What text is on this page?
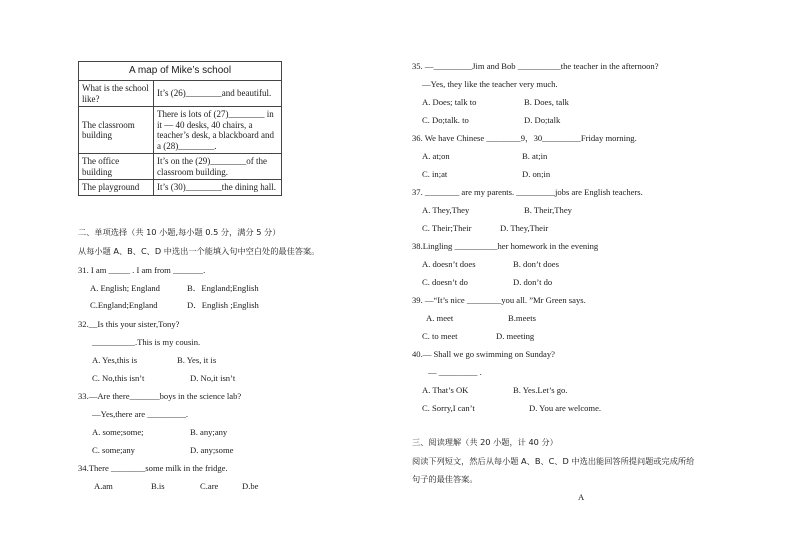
A map of Mike’s school	
What is the school like?	It’s (26)________and beautiful.
The classroom building	There is lots of (27)________ in it — 40 desks, 40 chairs, a teacher’s desk, a blackboard and a (28)________.
The office building	It’s on the (29)________of the classroom building.
The playground	It’s (30)________the dining hall.
二、单项选择（共 10 小题,每小题 0.5 分，满分 5 分）
从每小题 A、B、C、D 中选出一个能填入句中空白处的最佳答案。
31. I am _____ . I am from _______.
A. English; England	B．England;English
C.England;England	D．English ;English
32.__Is this your sister,Tony?
__________.This is my cousin.
A. Yes,this is	B. Yes, it is
C. No,this isn’t	D. No,it isn’t
33.—Are there_______boys in the science lab?
—Yes,there are _________.
A. some;some;	B. any;any
C. some;any	D. any;some
34.There ________some milk in the fridge.
A.am	B.is	C.are	D.be
35. —_________Jim and Bob __________the teacher in the afternoon?
—Yes, they like the teacher very much.
A. Does; talk to	B. Does, talk
C. Do;talk. to	D. Do;talk
36. We have Chinese ________9，30_________Friday morning.
A. at;on	B. at;in
C. in;at	D. on;in
37. ________ are my parents. _________jobs are English teachers.
A. They,They	B. Their,They
C. Their;Their	D. They,Their
38.Lingling __________her homework in the evening
A. doesn’t does	B. don’t does
C. doesn’t do	D. don’t do
39. —“It’s nice ________you all. ”Mr Green says.
A. meet	B.meets
C. to meet	D. meeting
40.— Shall we go swimming on Sunday?
— _________ .
A. That’s OK	B. Yes.Let’s go.
C. Sorry,I can’t	D. You are welcome.
三、阅读理解（共 20 小题，计 40 分）
阅读下列短文，然后从每小题 A、B、C、D 中选出能回答所提问题或完成所给
句子的最佳答案。
A
